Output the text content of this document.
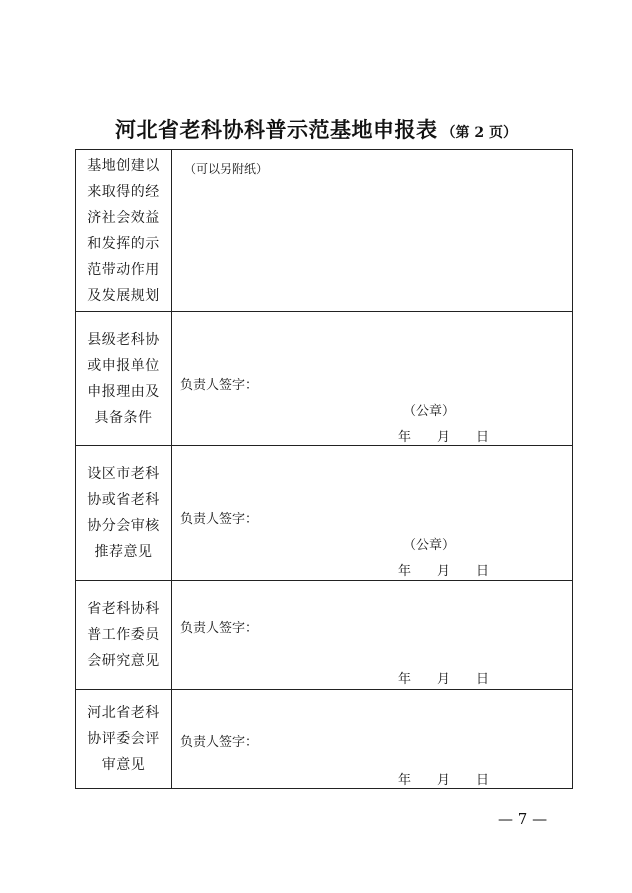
河北省老科协科普示范基地申报表 （第 2 页）
基地创建以来取得的经济社会效益和发挥的示范带动作用及发展规划	（可以另附纸）

县级老科协或申报单位申报理由及具备条件	负责人签字：
（公章）
年 月 日

设区市老科协或省老科协分会审核推荐意见	负责人签字：
（公章）
年 月 日

省老科协科普工作委员会研究意见	负责人签字：
年 月 日

河北省老科协评委会评审意见	负责人签字：
年 月 日
— 7 —
